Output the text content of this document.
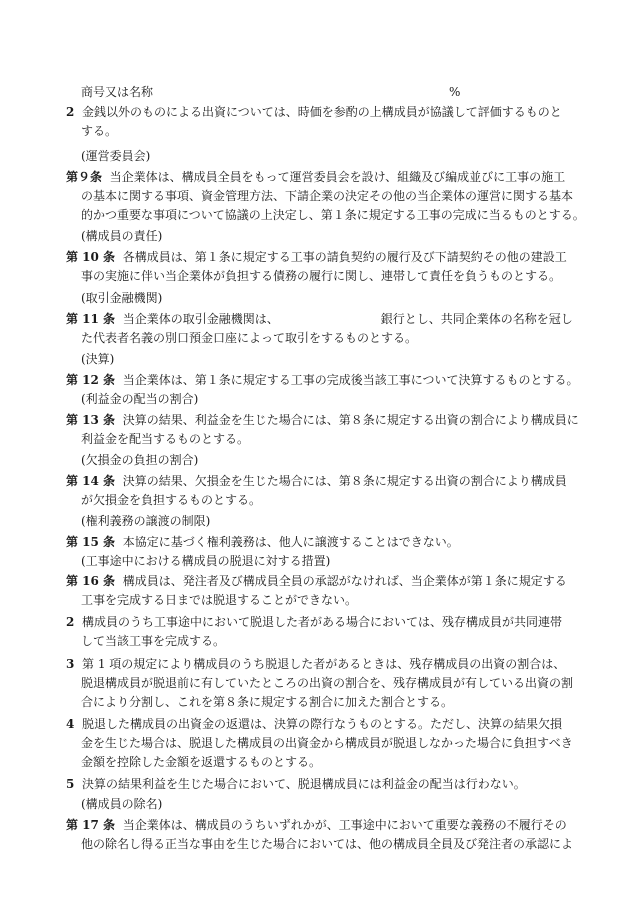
商号又は名称	%
2 金銭以外のものによる出資については、時価を参酌の上構成員が協議して評価するものと
する。
(運営委員会)
第９条 当企業体は、構成員全員をもって運営委員会を設け、組織及び編成並びに工事の施工
の基本に関する事項、資金管理方法、下請企業の決定その他の当企業体の運営に関する基本
的かつ重要な事項について協議の上決定し、第１条に規定する工事の完成に当るものとする。
(構成員の責任)
第 10 条 各構成員は、第１条に規定する工事の請負契約の履行及び下請契約その他の建設工
事の実施に伴い当企業体が負担する債務の履行に関し、連帯して責任を負うものとする。
(取引金融機関)
第 11 条 当企業体の取引金融機関は、	銀行とし、共同企業体の名称を冠し
た代表者名義の別口預金口座によって取引をするものとする。
(決算)
第 12 条 当企業体は、第１条に規定する工事の完成後当該工事について決算するものとする。
(利益金の配当の割合)
第 13 条 決算の結果、利益金を生じた場合には、第８条に規定する出資の割合により構成員に
利益金を配当するものとする。
(欠損金の負担の割合)
第 14 条 決算の結果、欠損金を生じた場合には、第８条に規定する出資の割合により構成員
が欠損金を負担するものとする。
(権利義務の譲渡の制限)
第 15 条 本協定に基づく権利義務は、他人に譲渡することはできない。
(工事途中における構成員の脱退に対する措置)
第 16 条 構成員は、発注者及び構成員全員の承認がなければ、当企業体が第１条に規定する
工事を完成する日までは脱退することができない。
2 構成員のうち工事途中において脱退した者がある場合においては、残存構成員が共同連帯
して当該工事を完成する。
3 第 1 項の規定により構成員のうち脱退した者があるときは、残存構成員の出資の割合は、
脱退構成員が脱退前に有していたところの出資の割合を、残存構成員が有している出資の割
合により分割し、これを第８条に規定する割合に加えた割合とする。
4 脱退した構成員の出資金の返還は、決算の際行なうものとする。ただし、決算の結果欠損
金を生じた場合は、脱退した構成員の出資金から構成員が脱退しなかった場合に負担すべき
金額を控除した金額を返還するものとする。
5 決算の結果利益を生じた場合において、脱退構成員には利益金の配当は行わない。
(構成員の除名)
第 17 条 当企業体は、構成員のうちいずれかが、工事途中において重要な義務の不履行その
他の除名し得る正当な事由を生じた場合においては、他の構成員全員及び発注者の承認によ
